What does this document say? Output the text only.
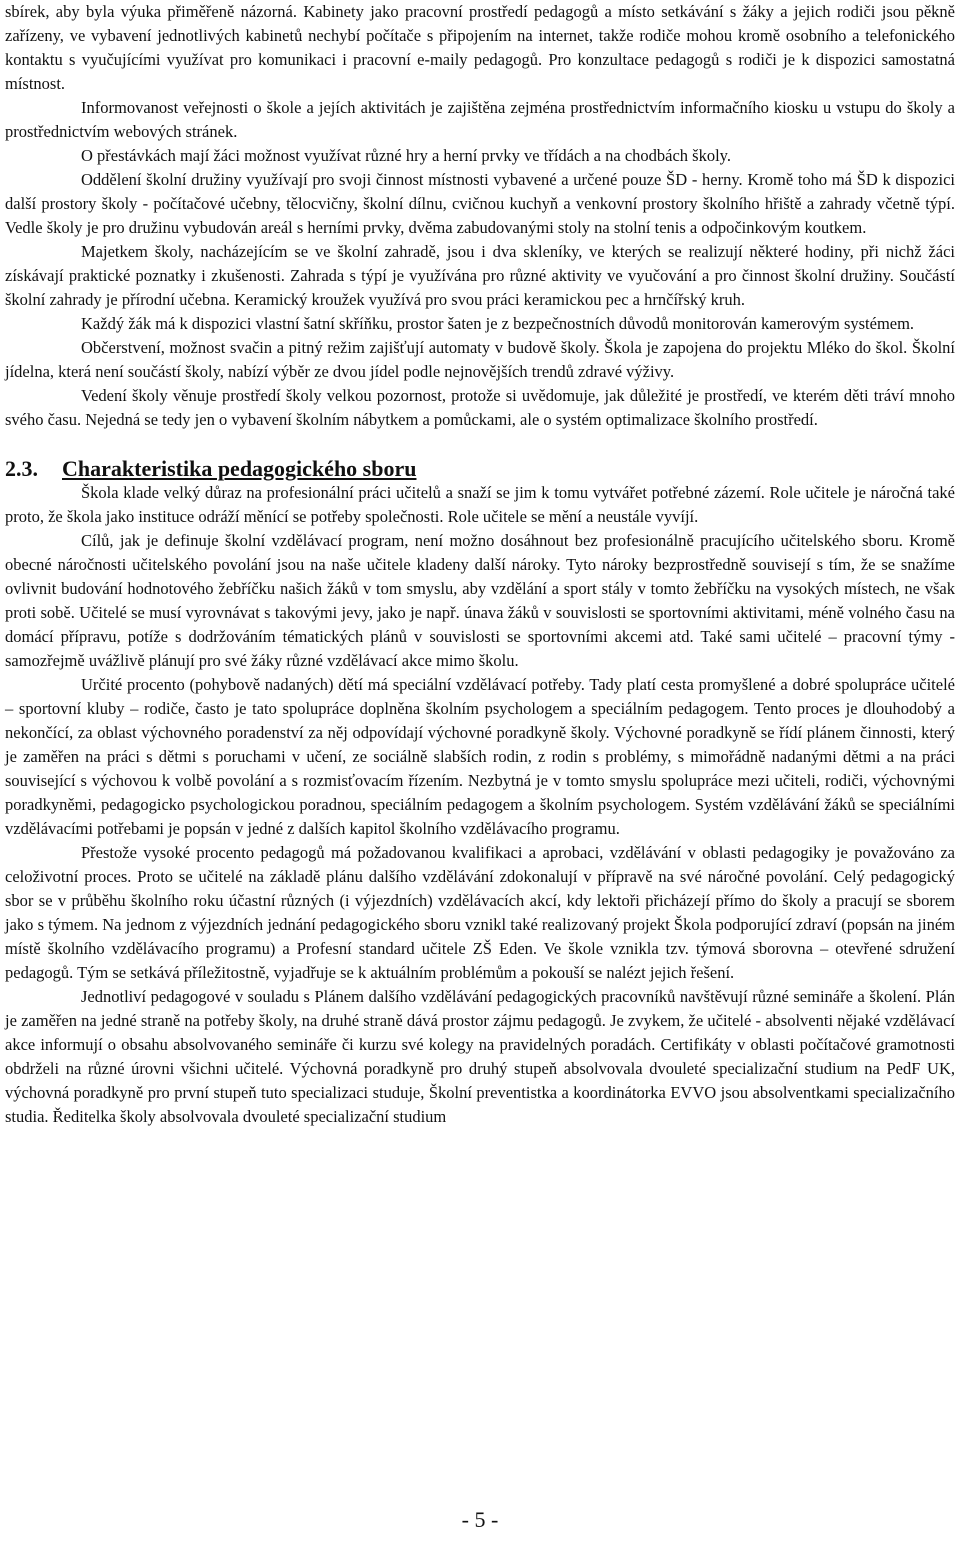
sbírek, aby byla výuka přiměřeně názorná. Kabinety jako pracovní prostředí pedagogů a místo setkávání s žáky a jejich rodiči jsou pěkně zařízeny, ve vybavení jednotlivých kabinetů nechybí počítače s připojením na internet, takže rodiče mohou kromě osobního a telefonického kontaktu s vyučujícími využívat pro komunikaci i pracovní e-maily pedagogů. Pro konzultace pedagogů s rodiči je k dispozici samostatná místnost.

Informovanost veřejnosti o škole a jejích aktivitách je zajištěna zejména prostřednictvím informačního kiosku u vstupu do školy a prostřednictvím webových stránek.

O přestávkách mají žáci možnost využívat různé hry a herní prvky ve třídách a na chodbách školy.

Oddělení školní družiny využívají pro svoji činnost místnosti vybavené a určené pouze ŠD - herny. Kromě toho má ŠD k dispozici další prostory školy - počítačové učebny, tělocvičny, školní dílnu, cvičnou kuchyň a venkovní prostory školního hřiště a zahrady včetně týpí. Vedle školy je pro družinu vybudován areál s herními prvky, dvěma zabudovanými stoly na stolní tenis a odpočinkovým koutkem.

Majetkem školy, nacházejícím se ve školní zahradě, jsou i dva skleníky, ve kterých se realizují některé hodiny, při nichž žáci získávají praktické poznatky i zkušenosti. Zahrada s týpí je využívána pro různé aktivity ve vyučování a pro činnost školní družiny. Součástí školní zahrady je přírodní učebna. Keramický kroužek využívá pro svou práci keramickou pec a hrnčířský kruh.

Každý žák má k dispozici vlastní šatní skříňku, prostor šaten je z bezpečnostních důvodů monitorován kamerovým systémem.

Občerstvení, možnost svačin a pitný režim zajišťují automaty v budově školy. Škola je zapojena do projektu Mléko do škol. Školní jídelna, která není součástí školy, nabízí výběr ze dvou jídel podle nejnovějších trendů zdravé výživy.

Vedení školy věnuje prostředí školy velkou pozornost, protože si uvědomuje, jak důležité je prostředí, ve kterém děti tráví mnoho svého času. Nejedná se tedy jen o vybavení školním nábytkem a pomůckami, ale o systém optimalizace školního prostředí.

2.3. Charakteristika pedagogického sboru

Škola klade velký důraz na profesionální práci učitelů a snaží se jim k tomu vytvářet potřebné zázemí. Role učitele je náročná také proto, že škola jako instituce odráží měnící se potřeby společnosti. Role učitele se mění a neustále vyvíjí.

Cílů, jak je definuje školní vzdělávací program, není možno dosáhnout bez profesionálně pracujícího učitelského sboru. Kromě obecné náročnosti učitelského povolání jsou na naše učitele kladeny další nároky. Tyto nároky bezprostředně souvisejí s tím, že se snažíme ovlivnit budování hodnotového žebříčku našich žáků v tom smyslu, aby vzdělání a sport stály v tomto žebříčku na vysokých místech, ne však proti sobě. Učitelé se musí vyrovnávat s takovými jevy, jako je např. únava žáků v souvislosti se sportovními aktivitami, méně volného času na domácí přípravu, potíže s dodržováním tématických plánů v souvislosti se sportovními akcemi atd. Také sami učitelé – pracovní týmy - samozřejmě uvážlivě plánují pro své žáky různé vzdělávací akce mimo školu.

Určité procento (pohybově nadaných) dětí má speciální vzdělávací potřeby. Tady platí cesta promyšlené a dobré spolupráce učitelé – sportovní kluby – rodiče, často je tato spolupráce doplněna školním psychologem a speciálním pedagogem. Tento proces je dlouhodobý a nekončící, za oblast výchovného poradenství za něj odpovídají výchovné poradkyně školy. Výchovné poradkyně se řídí plánem činnosti, který je zaměřen na práci s dětmi s poruchami v učení, ze sociálně slabších rodin, z rodin s problémy, s mimořádně nadanými dětmi a na práci související s výchovou k volbě povolání a s rozmisťovacím řízením. Nezbytná je v tomto smyslu spolupráce mezi učiteli, rodiči, výchovnými poradkyněmi, pedagogicko psychologickou poradnou, speciálním pedagogem a školním psychologem. Systém vzdělávání žáků se speciálními vzdělávacími potřebami je popsán v jedné z dalších kapitol školního vzdělávacího programu.

Přestože vysoké procento pedagogů má požadovanou kvalifikaci a aprobaci, vzdělávání v oblasti pedagogiky je považováno za celoživotní proces. Proto se učitelé na základě plánu dalšího vzdělávání zdokonalují v přípravě na své náročné povolání. Celý pedagogický sbor se v průběhu školního roku účastní různých (i výjezdních) vzdělávacích akcí, kdy lektoři přicházejí přímo do školy a pracují se sborem jako s týmem. Na jednom z výjezdních jednání pedagogického sboru vznikl také realizovaný projekt Škola podporující zdraví (popsán na jiném místě školního vzdělávacího programu) a Profesní standard učitele ZŠ Eden. Ve škole vznikla tzv. týmová sborovna – otevřené sdružení pedagogů. Tým se setkává příležitostně, vyjadřuje se k aktuálním problémům a pokouší se nalézt jejich řešení.

Jednotliví pedagogové v souladu s Plánem dalšího vzdělávání pedagogických pracovníků navštěvují různé semináře a školení. Plán je zaměřen na jedné straně na potřeby školy, na druhé straně dává prostor zájmu pedagogů. Je zvykem, že učitelé - absolventi nějaké vzdělávací akce informují o obsahu absolvovaného semináře či kurzu své kolegy na pravidelných poradách. Certifikáty v oblasti počítačové gramotnosti obdrželi na různé úrovni všichni učitelé. Výchovná poradkyně pro druhý stupeň absolvovala dvouleté specializační studium na PedF UK, výchovná poradkyně pro první stupeň tuto specializaci studuje, Školní preventistka a koordinátorka EVVO jsou absolventkami specializačního studia. Ředitelka školy absolvovala dvouleté specializační studium

- 5 -
